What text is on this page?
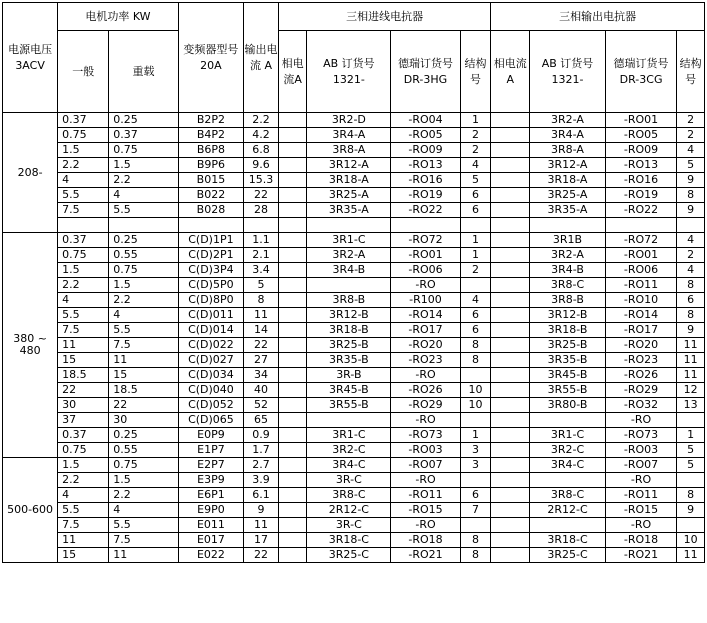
电源电压3ACV	电机功率 KW		变频器型号 20A	输出电流 A	三相进线电抗器				三相输出电抗器			
	一般	重载			相电流A	AB 订货号 1321-	德瑞订货号 DR-3HG	结构号	相电流A	AB 订货号 1321-	德瑞订货号 DR-3CG	结构号
208-	0.37	0.25	B2P2	2.2		3R2-D	-RO04	1		3R2-A	-RO01	2
	0.75	0.37	B4P2	4.2		3R4-A	-RO05	2		3R4-A	-RO05	2
	1.5	0.75	B6P8	6.8		3R8-A	-RO09	2		3R8-A	-RO09	4
	2.2	1.5	B9P6	9.6		3R12-A	-RO13	4		3R12-A	-RO13	5
	4	2.2	B015	15.3		3R18-A	-RO16	5		3R18-A	-RO16	9
	5.5	4	B022	22		3R25-A	-RO19	6		3R25-A	-RO19	8
	7.5	5.5	B028	28		3R35-A	-RO22	6		3R35-A	-RO22	9

380 ~ 480	0.37	0.25	C(D)1P1	1.1		3R1-C	-RO72	1		3R1B	-RO72	4
	0.75	0.55	C(D)2P1	2.1		3R2-A	-RO01	1		3R2-A	-RO01	2
	1.5	0.75	C(D)3P4	3.4		3R4-B	-RO06	2		3R4-B	-RO06	4
	2.2	1.5	C(D)5P0	5			-RO			3R8-C	-RO11	8
	4	2.2	C(D)8P0	8		3R8-B	-R100	4		3R8-B	-RO10	6
	5.5	4	C(D)011	11		3R12-B	-RO14	6		3R12-B	-RO14	8
	7.5	5.5	C(D)014	14		3R18-B	-RO17	6		3R18-B	-RO17	9
	11	7.5	C(D)022	22		3R25-B	-RO20	8		3R25-B	-RO20	11
	15	11	C(D)027	27		3R35-B	-RO23	8		3R35-B	-RO23	11
	18.5	15	C(D)034	34		3R-B	-RO			3R45-B	-RO26	11
	22	18.5	C(D)040	40		3R45-B	-RO26	10		3R55-B	-RO29	12
	30	22	C(D)052	52		3R55-B	-RO29	10		3R80-B	-RO32	13
	37	30	C(D)065	65			-RO				-RO	
	0.37	0.25	E0P9	0.9		3R1-C	-RO73	1		3R1-C	-RO73	1
	0.75	0.55	E1P7	1.7		3R2-C	-RO03	3		3R2-C	-RO03	5
500-600	1.5	0.75	E2P7	2.7		3R4-C	-RO07	3		3R4-C	-RO07	5
	2.2	1.5	E3P9	3.9		3R-C	-RO				-RO	
	4	2.2	E6P1	6.1		3R8-C	-RO11	6		3R8-C	-RO11	8
	5.5	4	E9P0	9		2R12-C	-RO15	7		2R12-C	-RO15	9
	7.5	5.5	E011	11		3R-C	-RO				-RO	
	11	7.5	E017	17		3R18-C	-RO18	8		3R18-C	-RO18	10
	15	11	E022	22		3R25-C	-RO21	8		3R25-C	-RO21	11
